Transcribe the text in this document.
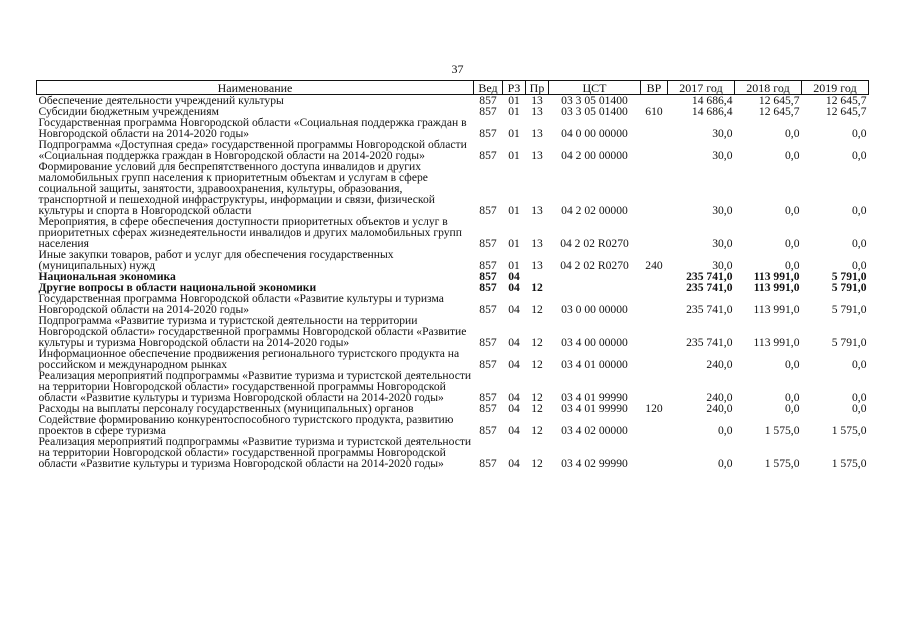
37
Наименование	Вед	РЗ	Пр	ЦСТ	ВР	2017 год	2018 год	2019 год
Обеспечение деятельности учреждений культуры	857	01	13	03 3 05 01400		14 686,4	12 645,7	12 645,7
Субсидии бюджетным учреждениям	857	01	13	03 3 05 01400	610	14 686,4	12 645,7	12 645,7
Государственная программа Новгородской области «Социальная поддержка граждан в Новгородской области на 2014-2020 годы»	857	01	13	04 0 00 00000		30,0	0,0	0,0
Подпрограмма «Доступная среда» государственной программы Новгородской области «Социальная поддержка граждан в Новгородской области на 2014-2020 годы»	857	01	13	04 2 00 00000		30,0	0,0	0,0
Формирование условий для беспрепятственного доступа инвалидов и других маломобильных групп населения к приоритетным объектам и услугам в сфере социальной защиты, занятости, здравоохранения, культуры, образования, транспортной и пешеходной инфраструктуры, информации и связи, физической культуры и спорта в Новгородской области	857	01	13	04 2 02 00000		30,0	0,0	0,0
Мероприятия, в сфере обеспечения доступности приоритетных объектов и услуг в приоритетных сферах жизнедеятельности инвалидов и других маломобильных групп населения	857	01	13	04 2 02 R0270		30,0	0,0	0,0
Иные закупки товаров, работ и услуг для обеспечения государственных (муниципальных) нужд	857	01	13	04 2 02 R0270	240	30,0	0,0	0,0
Национальная экономика	857	04				235 741,0	113 991,0	5 791,0
Другие вопросы в области национальной экономики	857	04	12			235 741,0	113 991,0	5 791,0
Государственная программа Новгородской области «Развитие культуры и туризма Новгородской области на 2014-2020 годы»	857	04	12	03 0 00 00000		235 741,0	113 991,0	5 791,0
Подпрограмма «Развитие туризма и туристской деятельности на территории Новгородской области» государственной программы Новгородской области «Развитие культуры и туризма Новгородской области на 2014-2020 годы»	857	04	12	03 4 00 00000		235 741,0	113 991,0	5 791,0
Информационное обеспечение продвижения регионального туристского продукта на российском и международном рынках	857	04	12	03 4 01 00000		240,0	0,0	0,0
Реализация мероприятий подпрограммы «Развитие туризма и туристской деятельности на территории Новгородской области» государственной программы Новгородской области «Развитие культуры и туризма Новгородской области на 2014-2020 годы»	857	04	12	03 4 01 99990		240,0	0,0	0,0
Расходы на выплаты персоналу государственных (муниципальных) органов	857	04	12	03 4 01 99990	120	240,0	0,0	0,0
Содействие формированию конкурентоспособного туристского продукта, развитию проектов в сфере туризма	857	04	12	03 4 02 00000		0,0	1 575,0	1 575,0
Реализация мероприятий подпрограммы «Развитие туризма и туристской деятельности на территории Новгородской области» государственной программы Новгородской области «Развитие культуры и туризма Новгородской области на 2014-2020 годы»	857	04	12	03 4 02 99990		0,0	1 575,0	1 575,0
